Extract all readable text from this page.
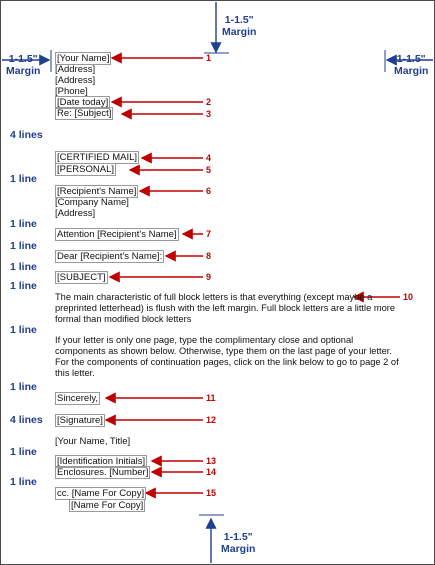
1-1.5"
Margin
1-1.5"
Margin
1-1.5"
Margin
1-1.5"
Margin
[Your Name]
[Address]
[Address]
[Phone]
[Date today]
Re: [Subject]
4 lines
[CERTIFIED MAIL]
[PERSONAL]
1 line
[Recipient's Name]
[Company Name]
[Address]
1 line
Attention [Recipient's Name]
1 line
Dear [Recipient's Name]:
1 line
[SUBJECT]
1 line
The main characteristic of full block letters is that everything (except maybe a preprinted letterhead) is flush with the left margin. Full block letters are a little more formal than modified block letters
1 line
If your letter is only one page, type the complimentary close and optional components as shown below. Otherwise, type them on the last page of your letter. For the components of continuation pages, click on the link below to go to page 2 of this letter.
1 line
Sincerely,
4 lines [Signature]
[Your Name, Title]
1 line
[Identification Initials]
Enclosures. [Number]
1 line
cc. [Name For Copy]
[Name For Copy]
1
2
3
4
5
6
7
8
9
10
11
12
13
14
15
